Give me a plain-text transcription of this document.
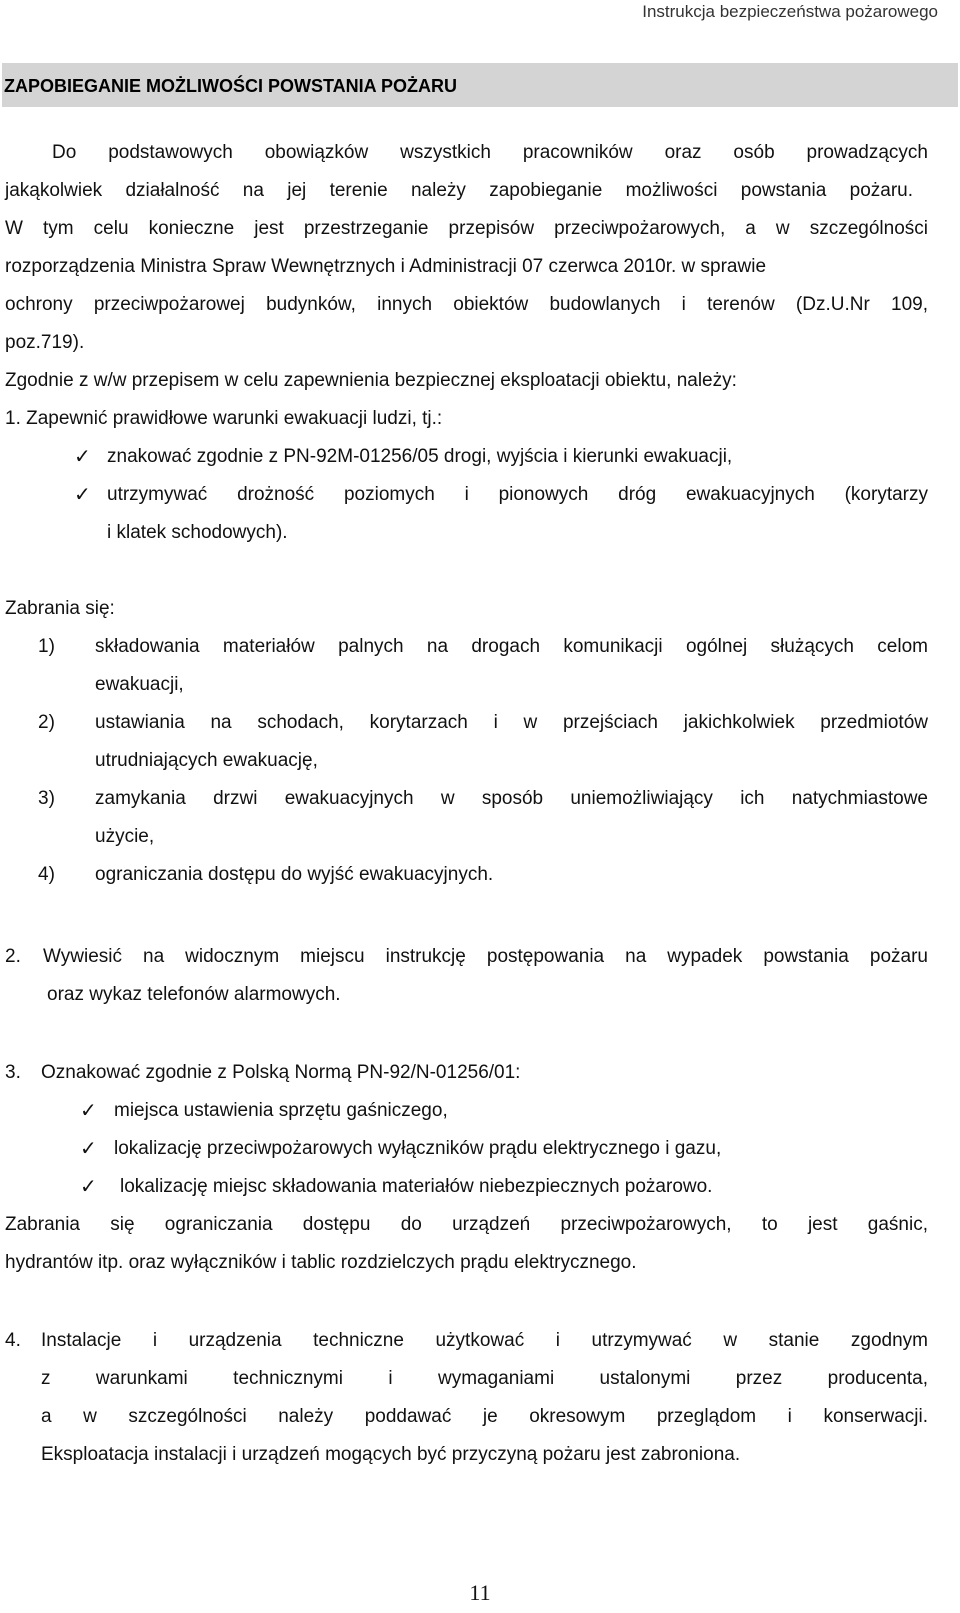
Instrukcja bezpieczeństwa pożarowego
ZAPOBIEGANIE MOŻLIWOŚCI POWSTANIA POŻARU
Do podstawowych obowiązków wszystkich pracowników oraz osób prowadzących
jakąkolwiek działalność na jej terenie należy zapobieganie możliwości powstania pożaru.
W tym celu konieczne jest przestrzeganie przepisów przeciwpożarowych, a w szczególności
rozporządzenia Ministra Spraw Wewnętrznych i Administracji 07 czerwca 2010r. w sprawie
ochrony przeciwpożarowej budynków, innych obiektów budowlanych i terenów (Dz.U.Nr 109,
poz.719).
Zgodnie z w/w przepisem w celu zapewnienia bezpiecznej eksploatacji obiektu, należy:
1. Zapewnić prawidłowe warunki ewakuacji ludzi, tj.:
✓ znakować zgodnie z PN-92M-01256/05 drogi, wyjścia i kierunki ewakuacji,
✓ utrzymywać drożność poziomych i pionowych dróg ewakuacyjnych (korytarzy
i klatek schodowych).
Zabrania się:
1) składowania materiałów palnych na drogach komunikacji ogólnej służących celom
ewakuacji,
2) ustawiania na schodach, korytarzach i w przejściach jakichkolwiek przedmiotów
utrudniających ewakuację,
3) zamykania drzwi ewakuacyjnych w sposób uniemożliwiający ich natychmiastowe
użycie,
4) ograniczania dostępu do wyjść ewakuacyjnych.
2. Wywiesić na widocznym miejscu instrukcję postępowania na wypadek powstania pożaru
oraz wykaz telefonów alarmowych.
3. Oznakować zgodnie z Polską Normą PN-92/N-01256/01:
✓ miejsca ustawienia sprzętu gaśniczego,
✓ lokalizację przeciwpożarowych wyłączników prądu elektrycznego i gazu,
✓ lokalizację miejsc składowania materiałów niebezpiecznych pożarowo.
Zabrania się ograniczania dostępu do urządzeń przeciwpożarowych, to jest gaśnic,
hydrantów itp. oraz wyłączników i tablic rozdzielczych prądu elektrycznego.
4. Instalacje i urządzenia techniczne użytkować i utrzymywać w stanie zgodnym
z warunkami technicznymi i wymaganiami ustalonymi przez producenta,
a w szczególności należy poddawać je okresowym przeglądom i konserwacji.
Eksploatacja instalacji i urządzeń mogących być przyczyną pożaru jest zabroniona.
11
